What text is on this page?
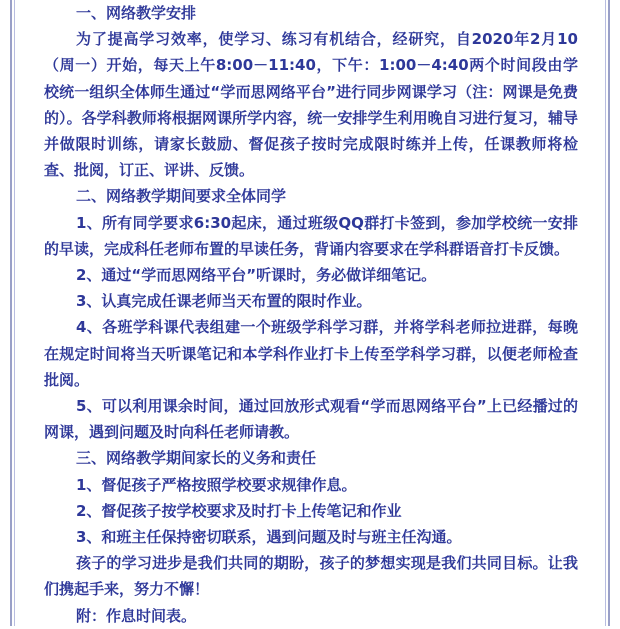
一、网络教学安排

为了提高学习效率，使学习、练习有机结合，经研究，自2020年2月10（周一）开始，每天上午8:00－11:40，下午：1:00－4:40两个时间段由学校统一组织全体师生通过“学而思网络平台”进行同步网课学习（注：网课是免费的）。各学科教师将根据网课所学内容，统一安排学生利用晚自习进行复习，辅导并做限时训练，请家长鼓励、督促孩子按时完成限时练并上传，任课教师将检查、批阅，订正、评讲、反馈。

二、网络教学期间要求全体同学

1、所有同学要求6:30起床，通过班级QQ群打卡签到，参加学校统一安排的早读，完成科任老师布置的早读任务，背诵内容要求在学科群语音打卡反馈。

2、通过“学而思网络平台”听课时，务必做详细笔记。

3、认真完成任课老师当天布置的限时作业。

4、各班学科课代表组建一个班级学科学习群，并将学科老师拉进群，每晚在规定时间将当天听课笔记和本学科作业打卡上传至学科学习群，以便老师检查批阅。

5、可以利用课余时间，通过回放形式观看“学而思网络平台”上已经播过的网课，遇到问题及时向科任老师请教。

三、网络教学期间家长的义务和责任

1、督促孩子严格按照学校要求规律作息。

2、督促孩子按学校要求及时打卡上传笔记和作业

3、和班主任保持密切联系，遇到问题及时与班主任沟通。

孩子的学习进步是我们共同的期盼，孩子的梦想实现是我们共同目标。让我们携起手来，努力不懈！

附：作息时间表。
